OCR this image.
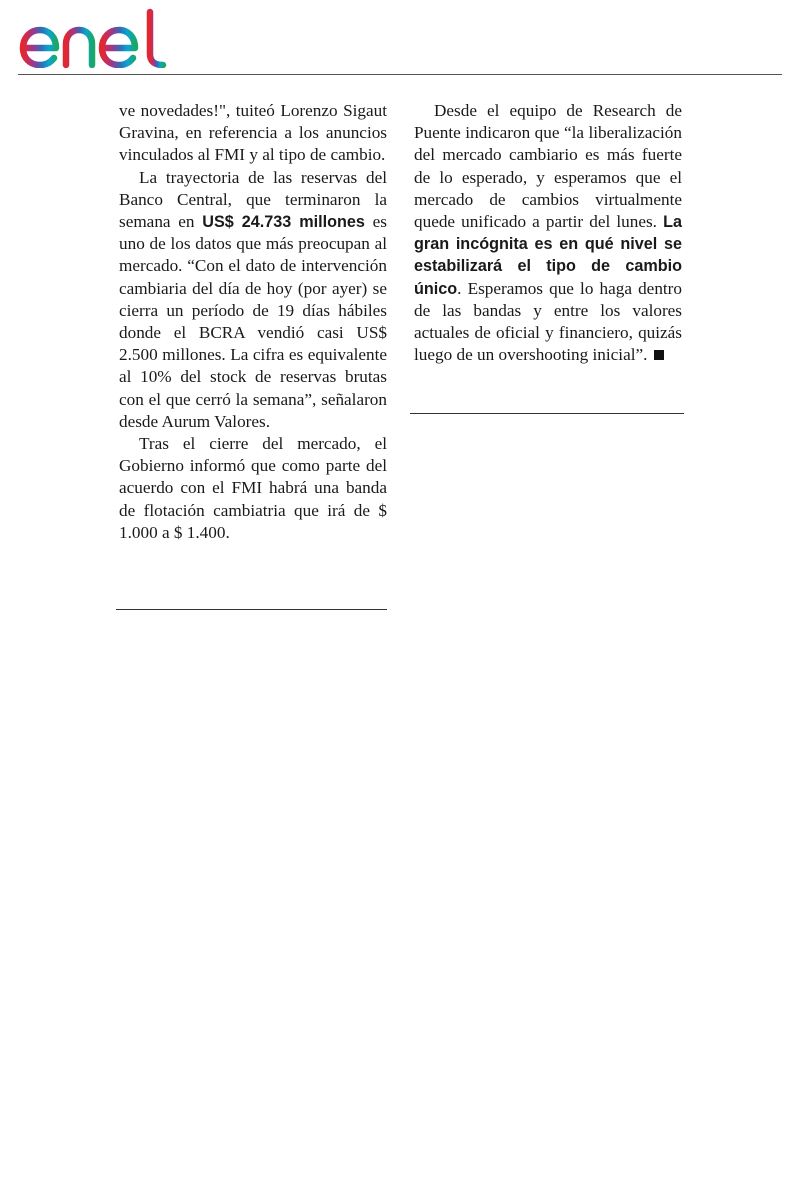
ve novedades!", tuiteó Lorenzo Sigaut Gravina, en referencia a los anuncios vinculados al FMI y al tipo de cambio.

La trayectoria de las reservas del Banco Central, que terminaron la semana en US$ 24.733 millones es uno de los datos que más preocupan al mercado. “Con el dato de intervención cambiaria del día de hoy (por ayer) se cierra un período de 19 días hábiles donde el BCRA vendió casi US$ 2.500 millones. La cifra es equivalente al 10% del stock de reservas brutas con el que cerró la semana”, señalaron desde Aurum Valores.

Tras el cierre del mercado, el Gobierno informó que como parte del acuerdo con el FMI habrá una banda de flotación cambiatria que irá de $ 1.000 a $ 1.400.

Desde el equipo de Research de Puente indicaron que “la liberalización del mercado cambiario es más fuerte de lo esperado, y esperamos que el mercado de cambios virtualmente quede unificado a partir del lunes. La gran incógnita es en qué nivel se estabilizará el tipo de cambio único. Esperamos que lo haga dentro de las bandas y entre los valores actuales de oficial y financiero, quizás luego de un overshooting inicial”.
